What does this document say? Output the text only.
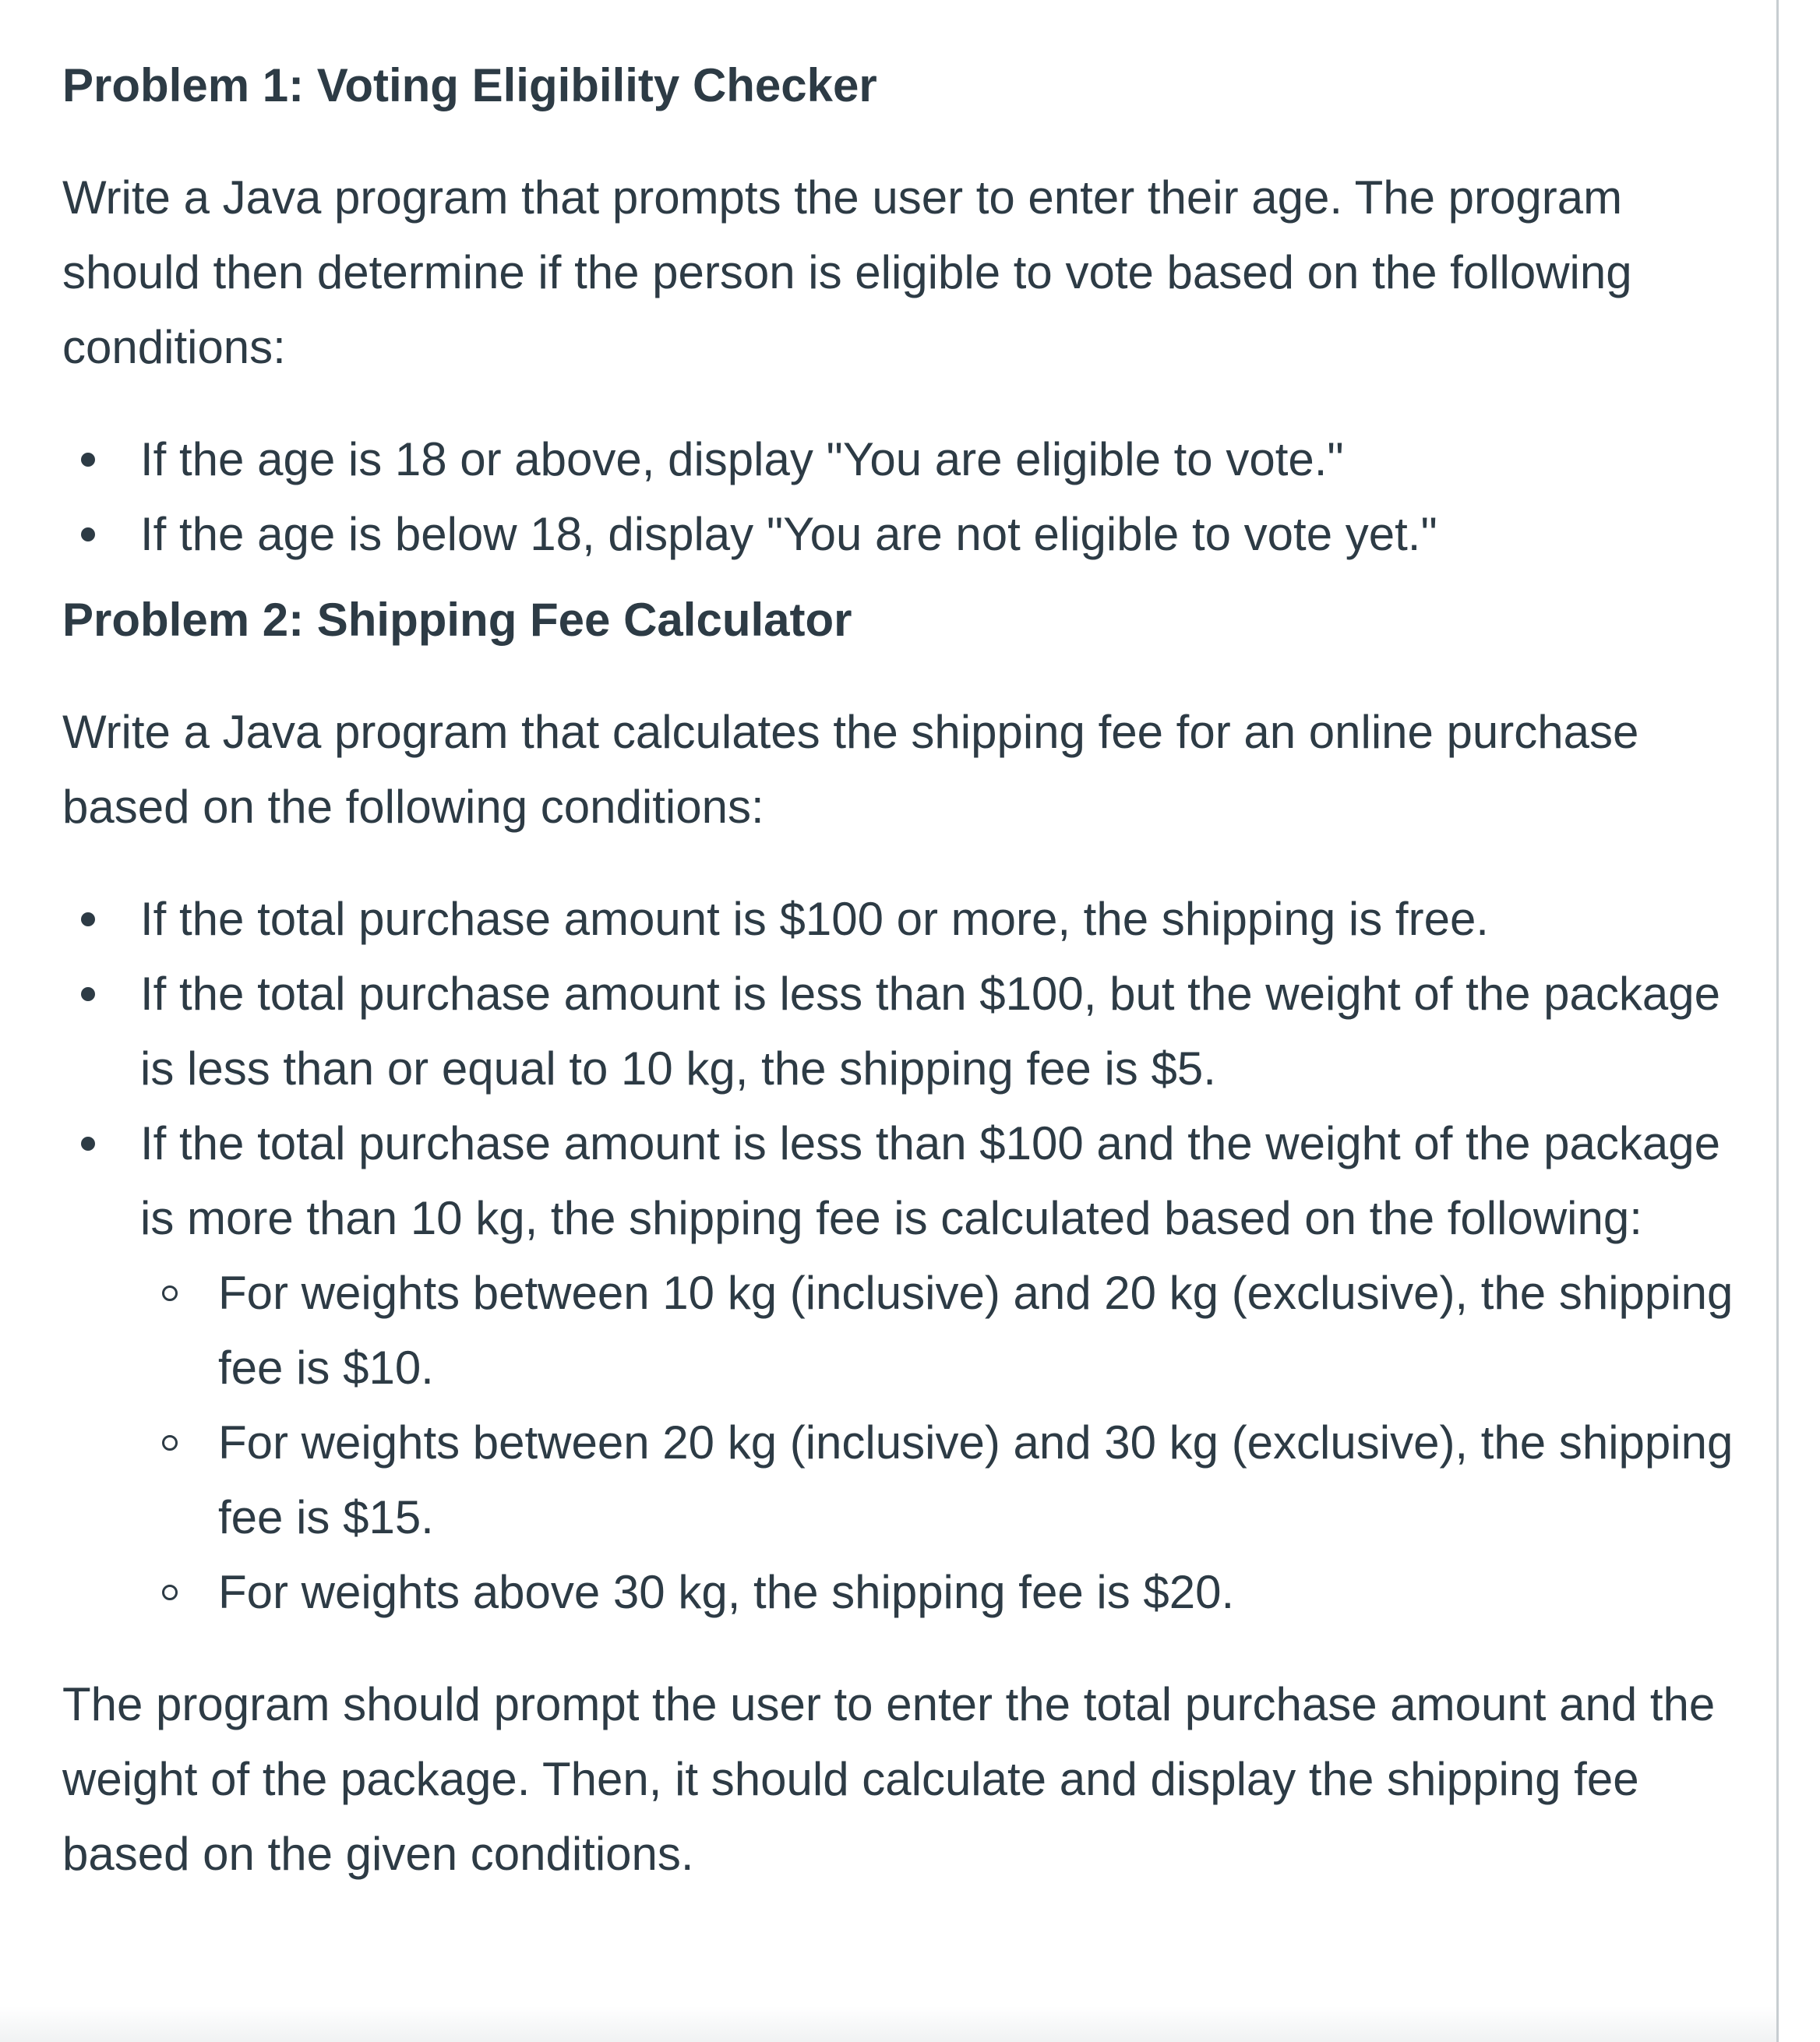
Problem 1: Voting Eligibility Checker

Write a Java program that prompts the user to enter their age. The program should then determine if the person is eligible to vote based on the following conditions:

If the age is 18 or above, display "You are eligible to vote."
If the age is below 18, display "You are not eligible to vote yet."
Problem 2: Shipping Fee Calculator

Write a Java program that calculates the shipping fee for an online purchase based on the following conditions:

If the total purchase amount is $100 or more, the shipping is free.
If the total purchase amount is less than $100, but the weight of the package is less than or equal to 10 kg, the shipping fee is $5.
If the total purchase amount is less than $100 and the weight of the package is more than 10 kg, the shipping fee is calculated based on the following:
For weights between 10 kg (inclusive) and 20 kg (exclusive), the shipping fee is $10.
For weights between 20 kg (inclusive) and 30 kg (exclusive), the shipping fee is $15.
For weights above 30 kg, the shipping fee is $20.

The program should prompt the user to enter the total purchase amount and the weight of the package. Then, it should calculate and display the shipping fee based on the given conditions.
